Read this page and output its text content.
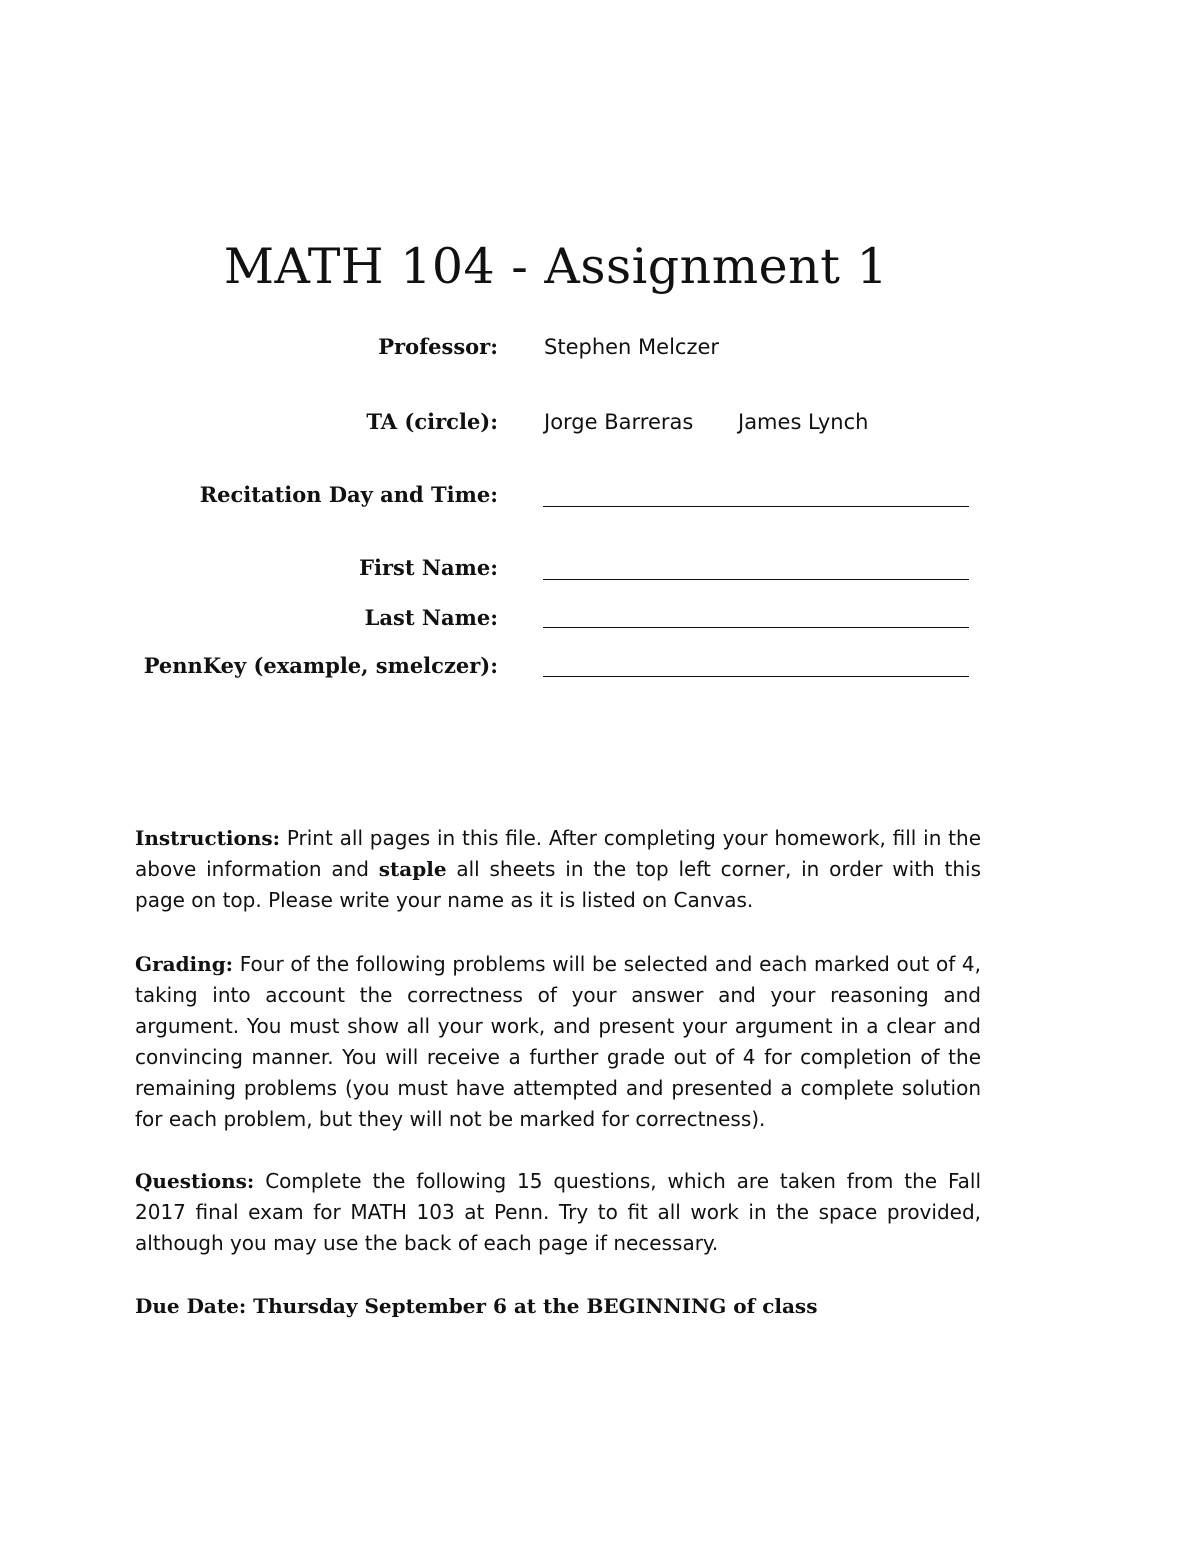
MATH 104 - Assignment 1
Professor: Stephen Melczer
TA (circle): Jorge Barreras James Lynch
Recitation Day and Time:
First Name:
Last Name:
PennKey (example, smelczer):

Instructions: Print all pages in this file. After completing your homework, fill in the above information and staple all sheets in the top left corner, in order with this page on top. Please write your name as it is listed on Canvas.

Grading: Four of the following problems will be selected and each marked out of 4, taking into account the correctness of your answer and your reasoning and argument. You must show all your work, and present your argument in a clear and convincing manner. You will receive a further grade out of 4 for completion of the remaining problems (you must have attempted and presented a complete solution for each problem, but they will not be marked for correctness).

Questions: Complete the following 15 questions, which are taken from the Fall 2017 final exam for MATH 103 at Penn. Try to fit all work in the space provided, although you may use the back of each page if necessary.

Due Date: Thursday September 6 at the BEGINNING of class
